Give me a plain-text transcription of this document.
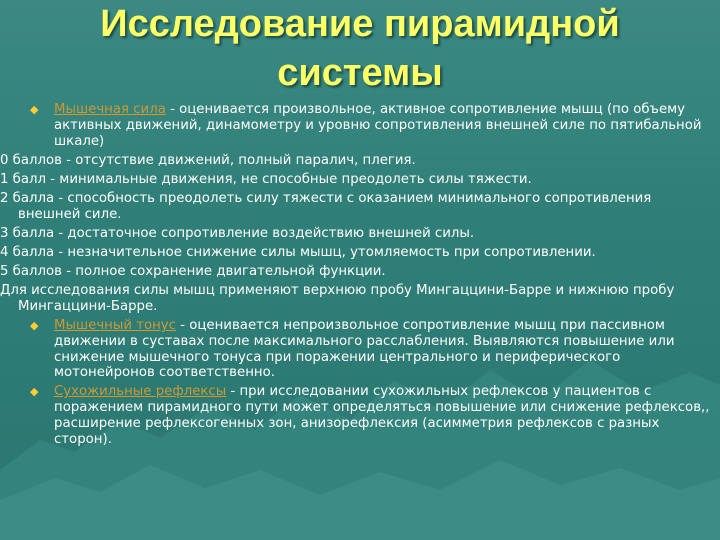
Исследование пирамидной системы
◆ Мышечная сила - оценивается произвольное, активное сопротивление мышц (по объему активных движений, динамометру и уровню сопротивления внешней силе по пятибальной шкале)
0 баллов - отсутствие движений, полный паралич, плегия.
1 балл - минимальные движения, не способные преодолеть силы тяжести.
2 балла - способность преодолеть силу тяжести с оказанием минимального сопротивления внешней силе.
3 балла - достаточное сопротивление воздействию внешней силы.
4 балла - незначительное снижение силы мышц, утомляемость при сопротивлении.
5 баллов - полное сохранение двигательной функции.
Для исследования силы мышц применяют верхнюю пробу Мингаццини-Барре и нижнюю пробу Мингаццини-Барре.
◆ Мышечный тонус - оценивается непроизвольное сопротивление мышц при пассивном движении в суставах после максимального расслабления. Выявляются повышение или снижение мышечного тонуса при поражении центрального и периферического мотонейронов соответственно.
◆ Сухожильные рефлексы - при исследовании сухожильных рефлексов у пациентов с поражением пирамидного пути может определяться повышение или снижение рефлексов,, расширение рефлексогенных зон, анизорефлексия (асимметрия рефлексов с разных сторон).
